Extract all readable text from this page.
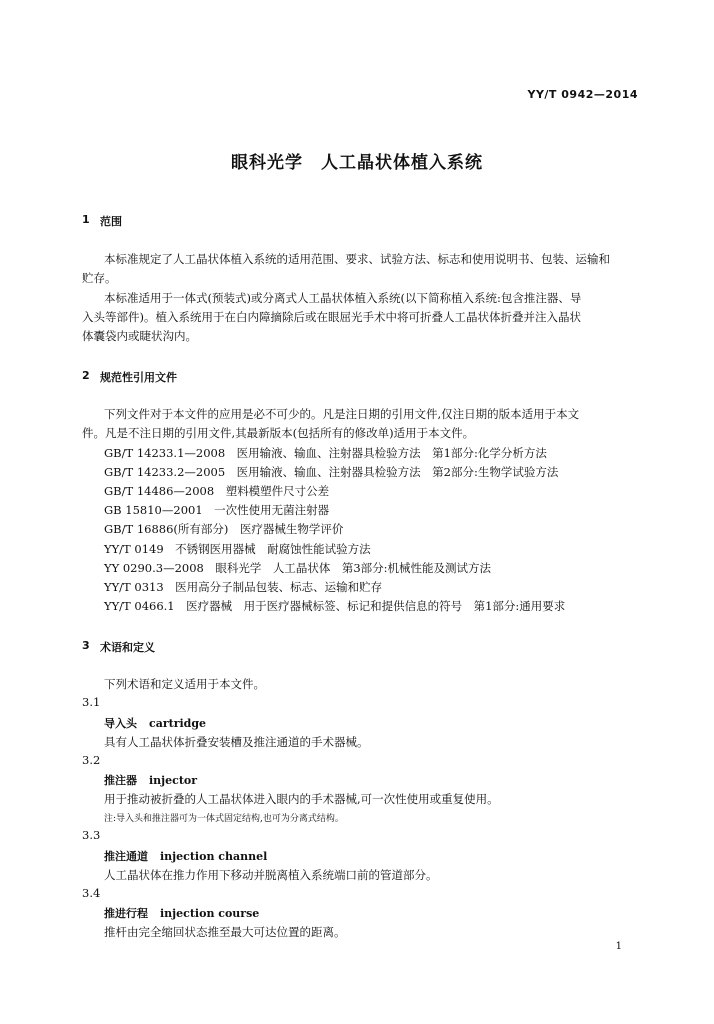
YY/T 0942—2014
眼科光学　人工晶状体植入系统
1 范围
本标准规定了人工晶状体植入系统的适用范围、要求、试验方法、标志和使用说明书、包装、运输和
贮存。
本标准适用于一体式(预装式)或分离式人工晶状体植入系统(以下简称植入系统:包含推注器、导
入头等部件)。植入系统用于在白内障摘除后或在眼屈光手术中将可折叠人工晶状体折叠并注入晶状
体囊袋内或睫状沟内。
2 规范性引用文件
下列文件对于本文件的应用是必不可少的。凡是注日期的引用文件,仅注日期的版本适用于本文
件。凡是不注日期的引用文件,其最新版本(包括所有的修改单)适用于本文件。
GB/T 14233.1—2008　医用输液、输血、注射器具检验方法　第1部分:化学分析方法
GB/T 14233.2—2005　医用输液、输血、注射器具检验方法　第2部分:生物学试验方法
GB/T 14486—2008　塑料模塑件尺寸公差
GB 15810—2001　一次性使用无菌注射器
GB/T 16886(所有部分)　医疗器械生物学评价
YY/T 0149　不锈钢医用器械　耐腐蚀性能试验方法
YY 0290.3—2008　眼科光学　人工晶状体　第3部分:机械性能及测试方法
YY/T 0313　医用高分子制品包装、标志、运输和贮存
YY/T 0466.1　医疗器械　用于医疗器械标签、标记和提供信息的符号　第1部分:通用要求
3 术语和定义
下列术语和定义适用于本文件。
3.1
导入头 cartridge
具有人工晶状体折叠安装槽及推注通道的手术器械。
3.2
推注器 injector
用于推动被折叠的人工晶状体进入眼内的手术器械,可一次性使用或重复使用。
注:导入头和推注器可为一体式固定结构,也可为分离式结构。
3.3
推注通道 injection channel
人工晶状体在推力作用下移动并脱离植入系统端口前的管道部分。
3.4
推进行程 injection course
推杆由完全缩回状态推至最大可达位置的距离。
1
